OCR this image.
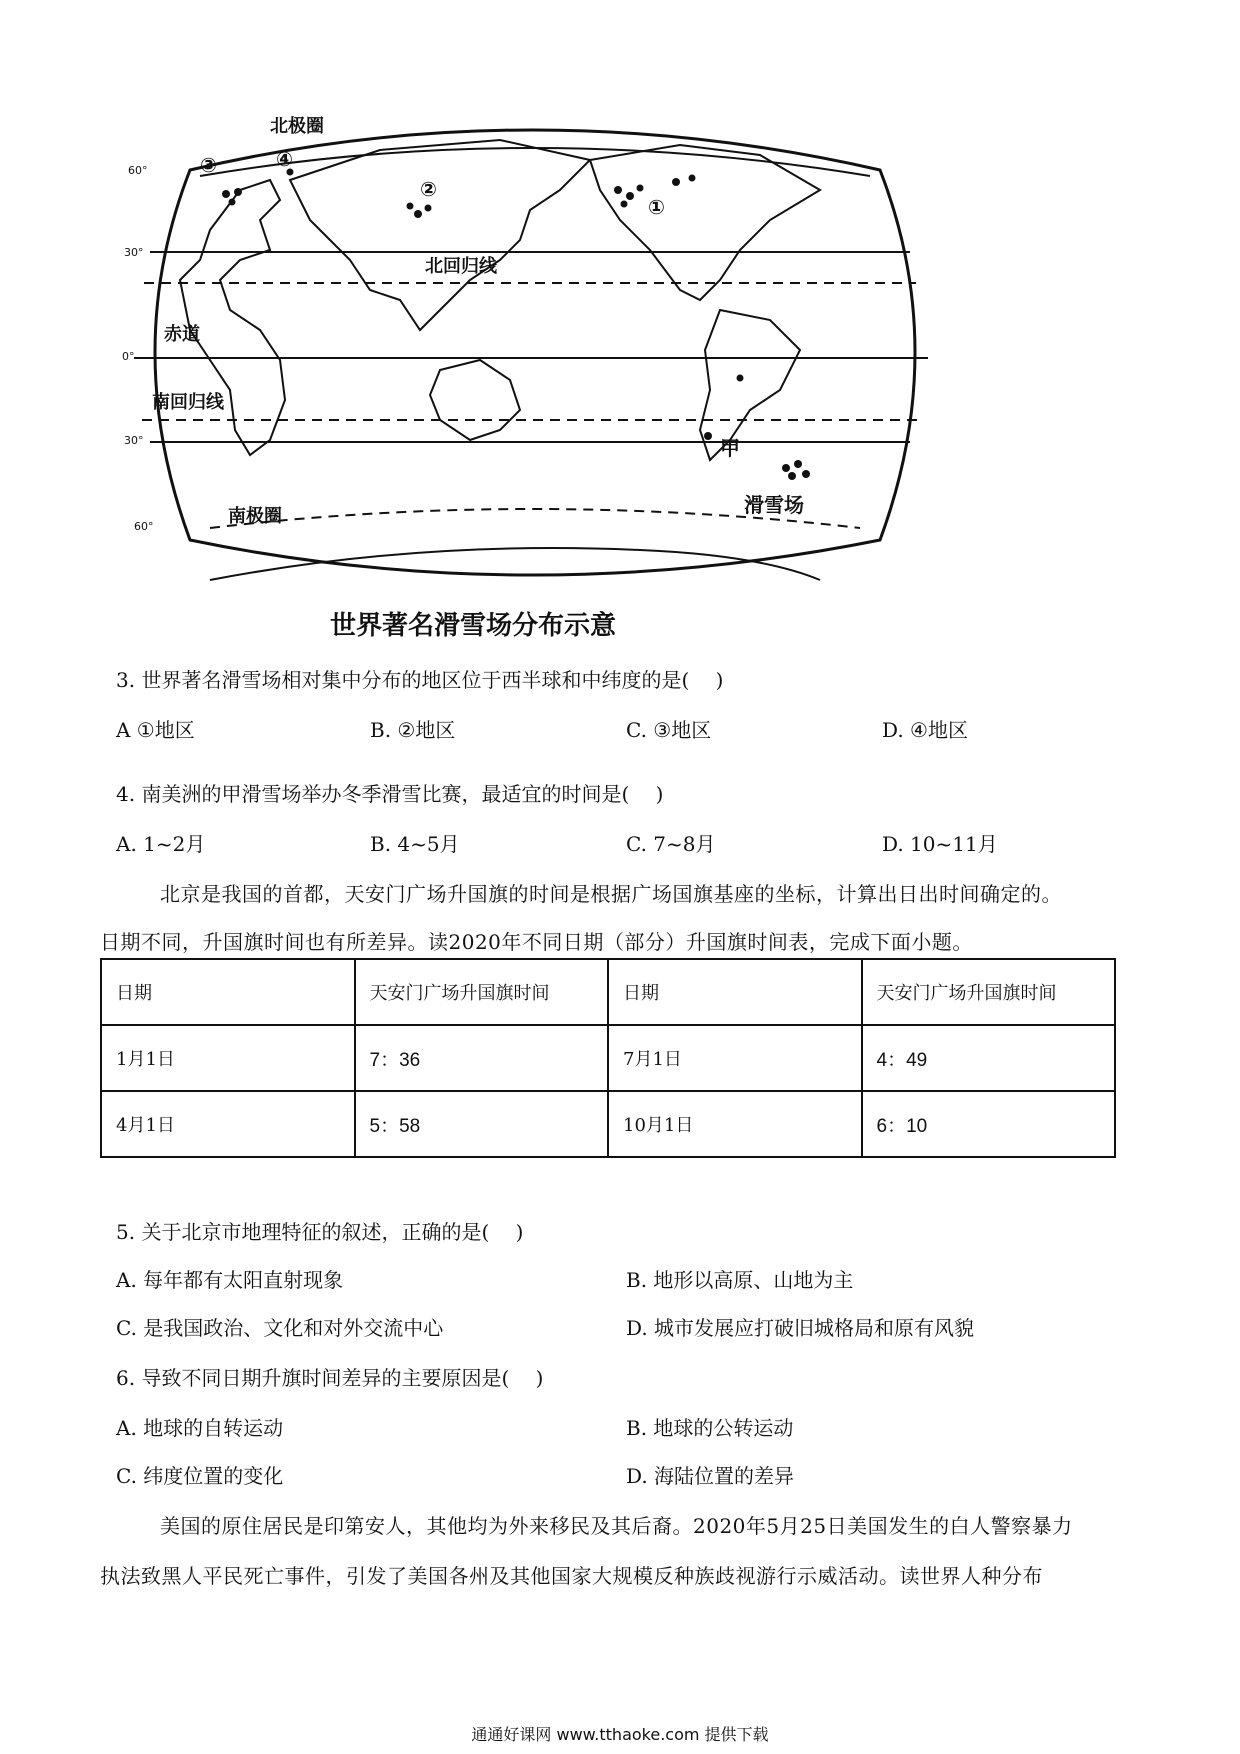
北极圈
北回归线
赤道
南回归线
南极圈
甲
滑雪场
①
②
③	④
60°
30°
0°
30°
60°
世界著名滑雪场分布示意
3. 世界著名滑雪场相对集中分布的地区位于西半球和中纬度的是(　 )
A ①地区	B. ②地区	C. ③地区	D. ④地区
4. 南美洲的甲滑雪场举办冬季滑雪比赛，最适宜的时间是(　 )
A. 1~2月	B. 4~5月	C. 7~8月	D. 10~11月
北京是我国的首都，天安门广场升国旗的时间是根据广场国旗基座的坐标，计算出日出时间确定的。
日期不同，升国旗时间也有所差异。读2020年不同日期（部分）升国旗时间表，完成下面小题。
日期	天安门广场升国旗时间	日期	天安门广场升国旗时间
1月1日	7：36	7月1日	4：49
4月1日	5：58	10月1日	6：10
5. 关于北京市地理特征的叙述，正确的是(　 )
A. 每年都有太阳直射现象	B. 地形以高原、山地为主
C. 是我国政治、文化和对外交流中心	D. 城市发展应打破旧城格局和原有风貌
6. 导致不同日期升旗时间差异的主要原因是(　 )
A. 地球的自转运动	B. 地球的公转运动
C. 纬度位置的变化	D. 海陆位置的差异
美国的原住居民是印第安人，其他均为外来移民及其后裔。2020年5月25日美国发生的白人警察暴力
执法致黑人平民死亡事件，引发了美国各州及其他国家大规模反种族歧视游行示威活动。读世界人种分布
通通好课网 www.tthaoke.com 提供下载
